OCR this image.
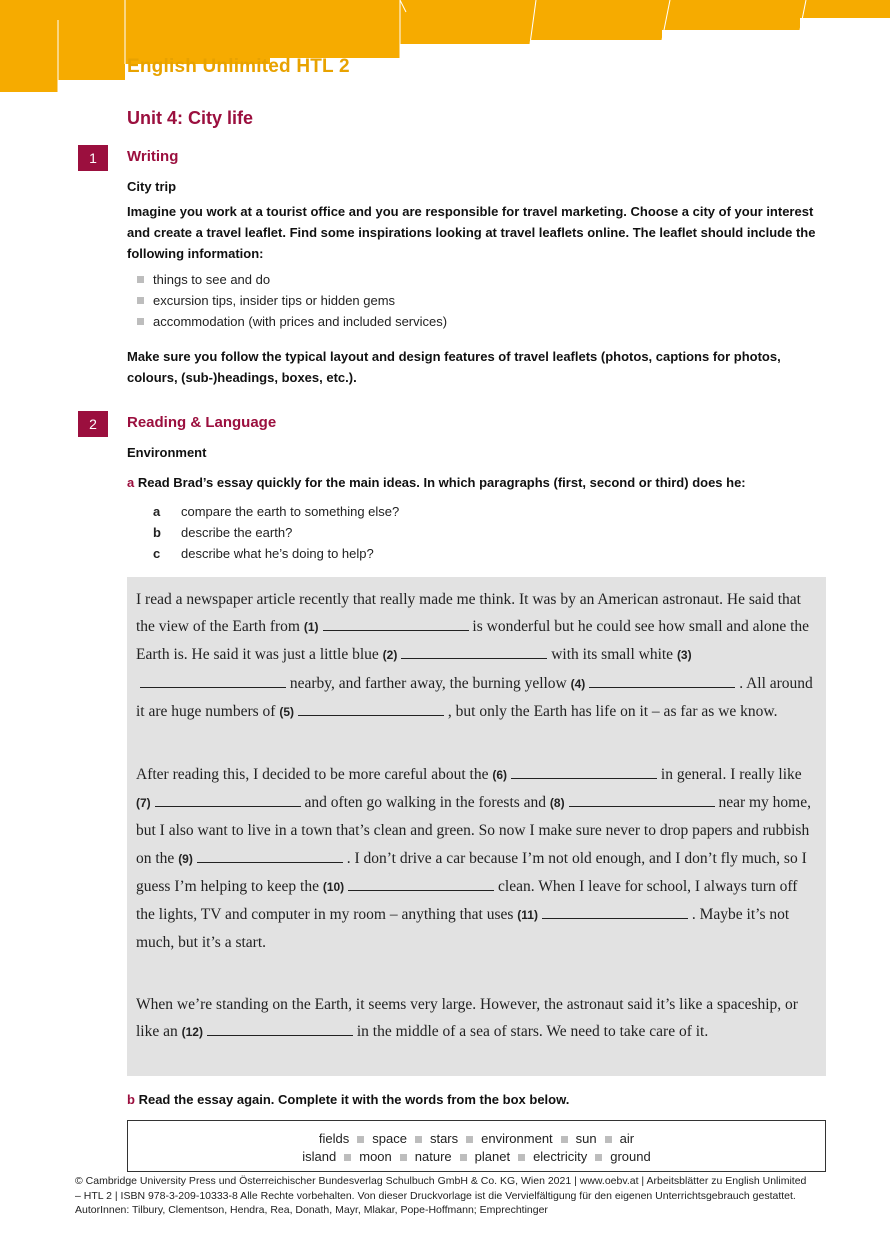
English Unlimited HTL 2
Unit 4: City life
1	Writing
City trip
Imagine you work at a tourist office and you are responsible for travel marketing. Choose a city of your interest and create a travel leaflet. Find some inspirations looking at travel leaflets online. The leaflet should include the following information:
things to see and do
excursion tips, insider tips or hidden gems
accommodation (with prices and included services)
Make sure you follow the typical layout and design features of travel leaflets (photos, captions for photos, colours, (sub-)headings, boxes, etc.).
2	Reading & Language
Environment
a Read Brad’s essay quickly for the main ideas. In which paragraphs (first, second or third) does he:
a compare the earth to something else?
b describe the earth?
c describe what he’s doing to help?

I read a newspaper article recently that really made me think. It was by an American astronaut. He said that the view of the Earth from (1)	is wonderful but he could see how small and alone the Earth is. He said it was just a little blue (2)	with its small white (3) nearby, and farther away, the burning yellow (4)	. All around it are huge numbers of (5)	, but only the Earth has life on it – as far as we know.

After reading this, I decided to be more careful about the (6)	in general. I really like (7)	and often go walking in the forests and (8)	near my home, but I also want to live in a town that’s clean and green. So now I make sure never to drop papers and rubbish on the (9)	. I don’t drive a car because I’m not old enough, and I don’t fly much, so I guess I’m helping to keep the (10)	clean. When I leave for school, I always turn off the lights, TV and computer in my room – anything that uses (11)	. Maybe it’s not much, but it’s a start.

When we’re standing on the Earth, it seems very large. However, the astronaut said it’s like a spaceship, or like an (12)	in the middle of a sea of stars. We need to take care of it.

b Read the essay again. Complete it with the words from the box below.
fields space stars environment sun air
island moon nature planet electricity ground
© Cambridge University Press und Österreichischer Bundesverlag Schulbuch GmbH & Co. KG, Wien 2021 | www.oebv.at | Arbeitsblätter zu English Unlimited – HTL 2 | ISBN 978-3-209-10333-8 Alle Rechte vorbehalten. Von dieser Druckvorlage ist die Vervielfältigung für den eigenen Unterrichtsgebrauch gestattet.
AutorInnen: Tilbury, Clementson, Hendra, Rea, Donath, Mayr, Mlakar, Pope-Hoffmann; Emprechtinger
